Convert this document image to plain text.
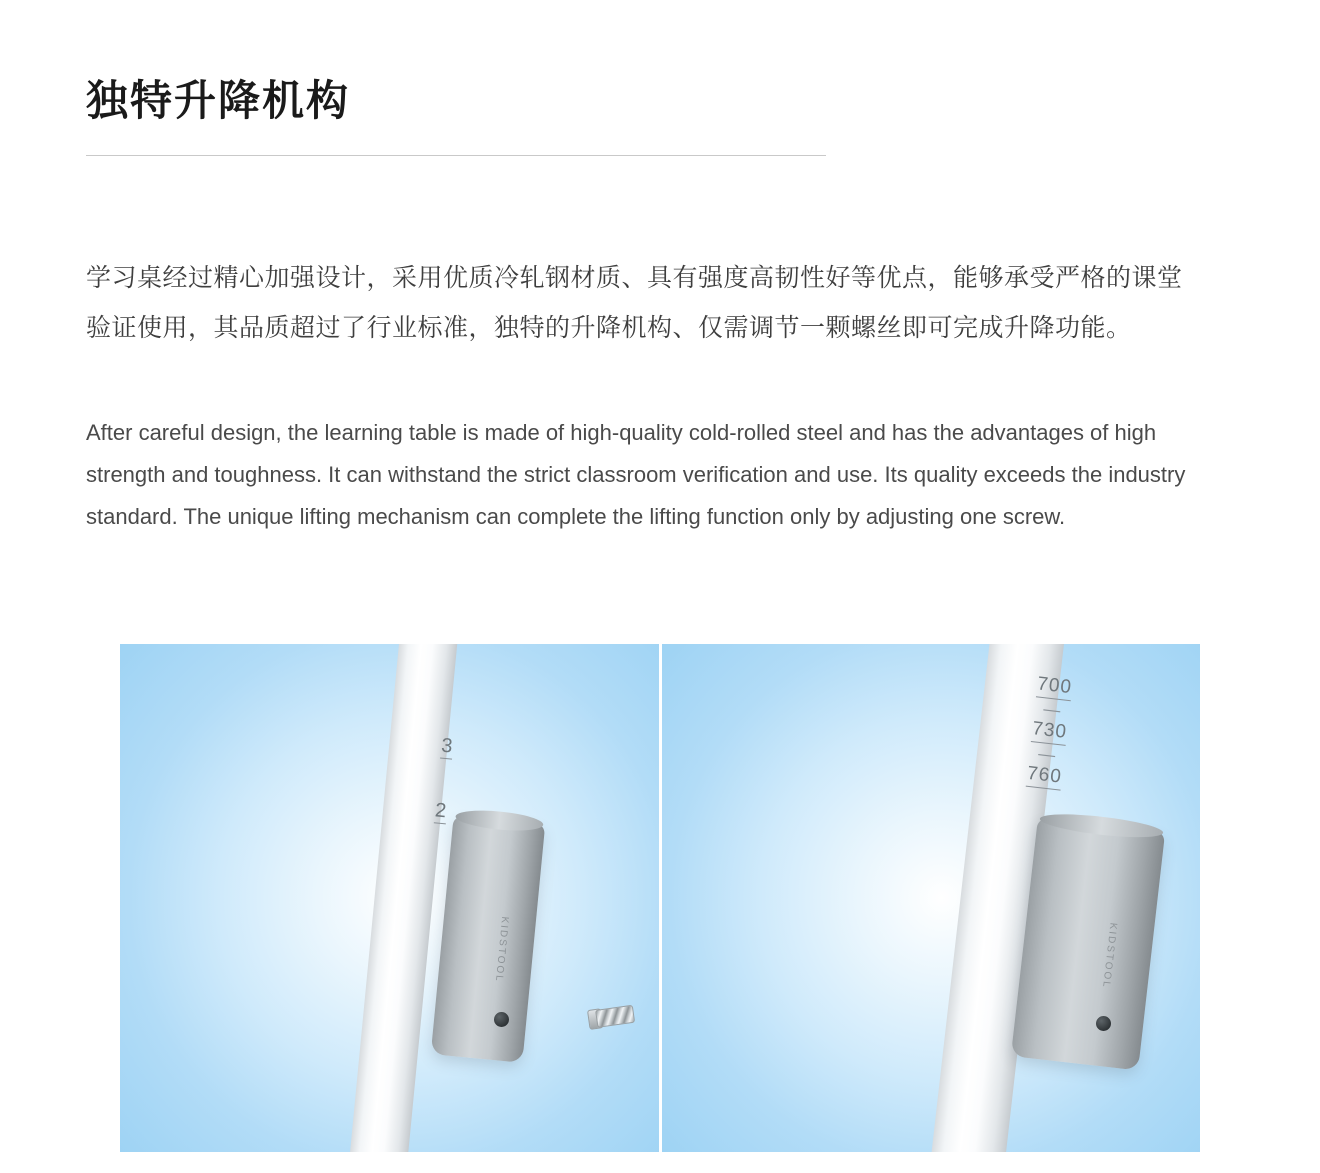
独特升降机构

学习桌经过精心加强设计，采用优质冷轧钢材质、具有强度高韧性好等优点，能够承受严格的课堂验证使用，其品质超过了行业标准，独特的升降机构、仅需调节一颗螺丝即可完成升降功能。

After careful design, the learning table is made of high-quality cold-rolled steel and has the advantages of high strength and toughness. It can withstand the strict classroom verification and use. Its quality exceeds the industry standard. The unique lifting mechanism can complete the lifting function only by adjusting one screw.

3
2
KIDSTOOL
700
—
730
—
760
KIDSTOOL
